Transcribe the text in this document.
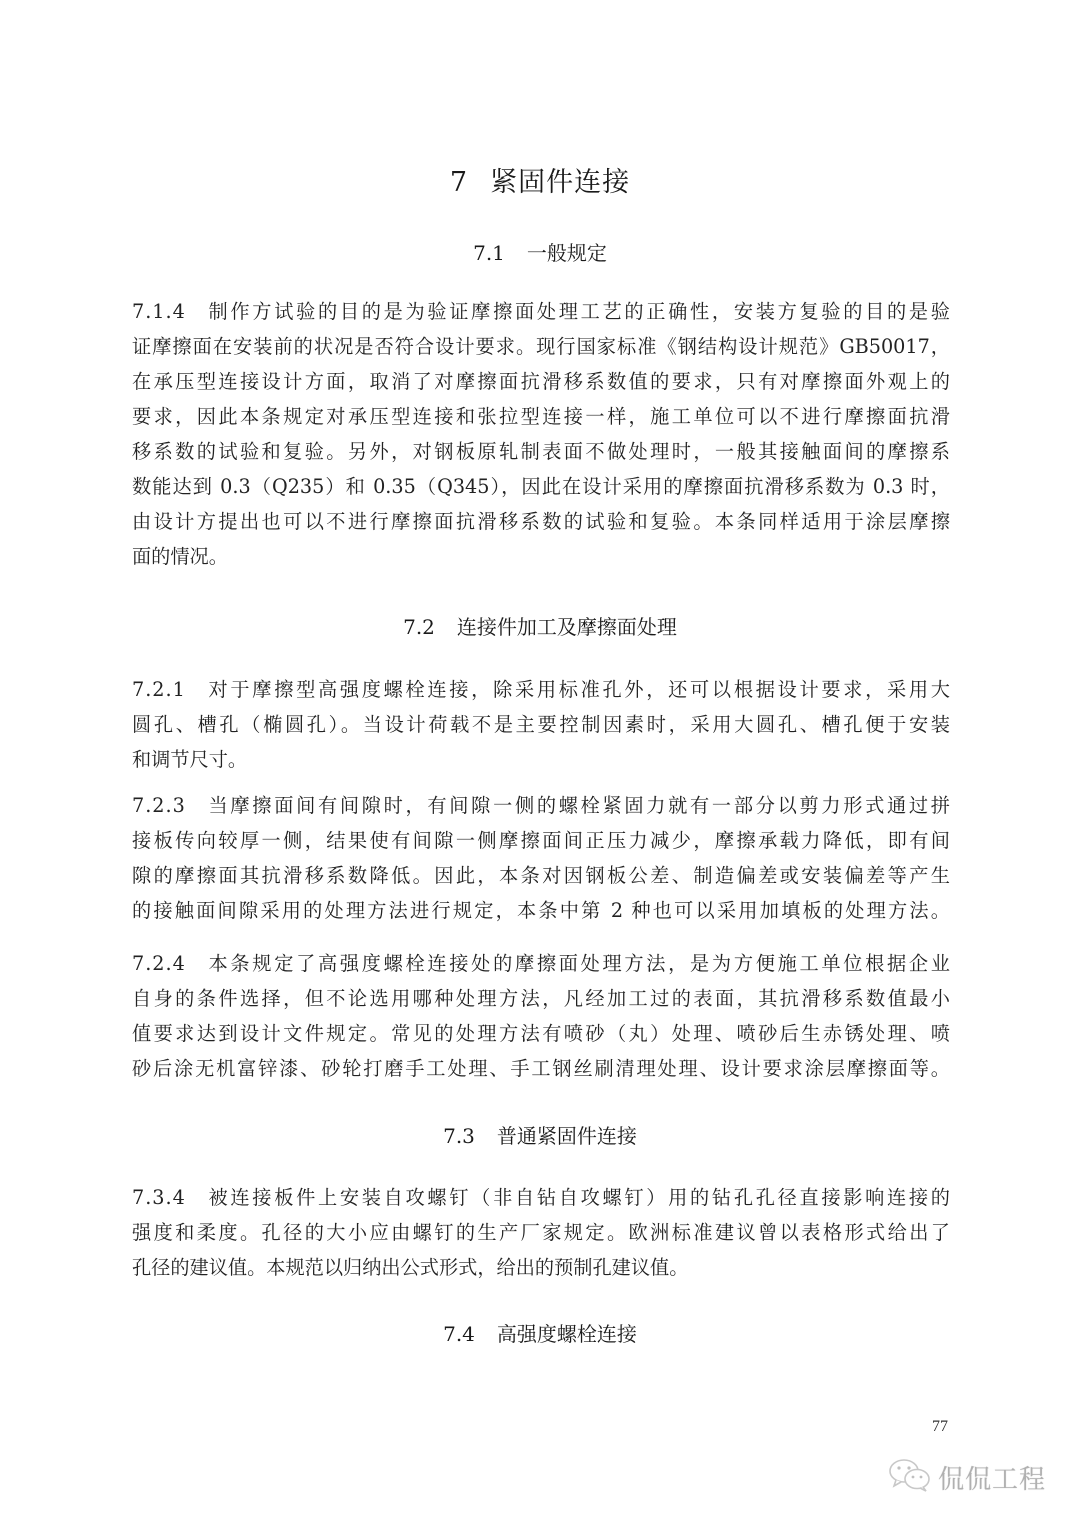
7 紧固件连接
7.1 一般规定
7.1.4 制作方试验的目的是为验证摩擦面处理工艺的正确性，安装方复验的目的是验
证摩擦面在安装前的状况是否符合设计要求。现行国家标准《钢结构设计规范》GB50017，
在承压型连接设计方面，取消了对摩擦面抗滑移系数值的要求，只有对摩擦面外观上的
要求，因此本条规定对承压型连接和张拉型连接一样，施工单位可以不进行摩擦面抗滑
移系数的试验和复验。另外，对钢板原轧制表面不做处理时，一般其接触面间的摩擦系
数能达到 0.3（Q235）和 0.35（Q345），因此在设计采用的摩擦面抗滑移系数为 0.3 时，
由设计方提出也可以不进行摩擦面抗滑移系数的试验和复验。本条同样适用于涂层摩擦
面的情况。
7.2 连接件加工及摩擦面处理
7.2.1 对于摩擦型高强度螺栓连接，除采用标准孔外，还可以根据设计要求，采用大
圆孔、槽孔（椭圆孔）。当设计荷载不是主要控制因素时，采用大圆孔、槽孔便于安装
和调节尺寸。
7.2.3 当摩擦面间有间隙时，有间隙一侧的螺栓紧固力就有一部分以剪力形式通过拼
接板传向较厚一侧，结果使有间隙一侧摩擦面间正压力减少，摩擦承载力降低，即有间
隙的摩擦面其抗滑移系数降低。因此，本条对因钢板公差、制造偏差或安装偏差等产生
的接触面间隙采用的处理方法进行规定，本条中第 2 种也可以采用加填板的处理方法。
7.2.4 本条规定了高强度螺栓连接处的摩擦面处理方法，是为方便施工单位根据企业
自身的条件选择，但不论选用哪种处理方法，凡经加工过的表面，其抗滑移系数值最小
值要求达到设计文件规定。常见的处理方法有喷砂（丸）处理、喷砂后生赤锈处理、喷
砂后涂无机富锌漆、砂轮打磨手工处理、手工钢丝刷清理处理、设计要求涂层摩擦面等。
7.3 普通紧固件连接
7.3.4 被连接板件上安装自攻螺钉（非自钻自攻螺钉）用的钻孔孔径直接影响连接的
强度和柔度。孔径的大小应由螺钉的生产厂家规定。欧洲标准建议曾以表格形式给出了
孔径的建议值。本规范以归纳出公式形式，给出的预制孔建议值。
7.4 高强度螺栓连接
77
侃侃工程
